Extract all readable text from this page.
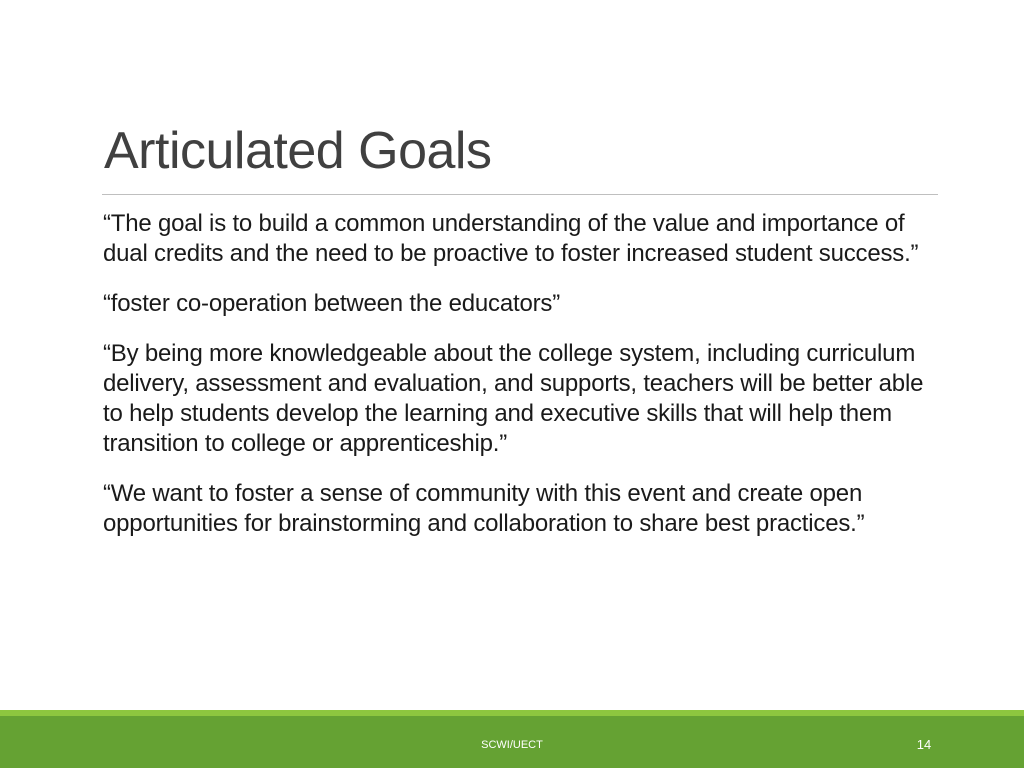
Articulated Goals

“The goal is to build a common understanding of the value and importance of dual credits and the need to be proactive to foster increased student success.”

“foster co-operation between the educators”

“By being more knowledgeable about the college system, including curriculum delivery, assessment and evaluation, and supports, teachers will be better able to help students develop the learning and executive skills that will help them transition to college or apprenticeship.”

“We want to foster a sense of community with this event and create open opportunities for brainstorming and collaboration to share best practices.”

SCWI/UECT	14
